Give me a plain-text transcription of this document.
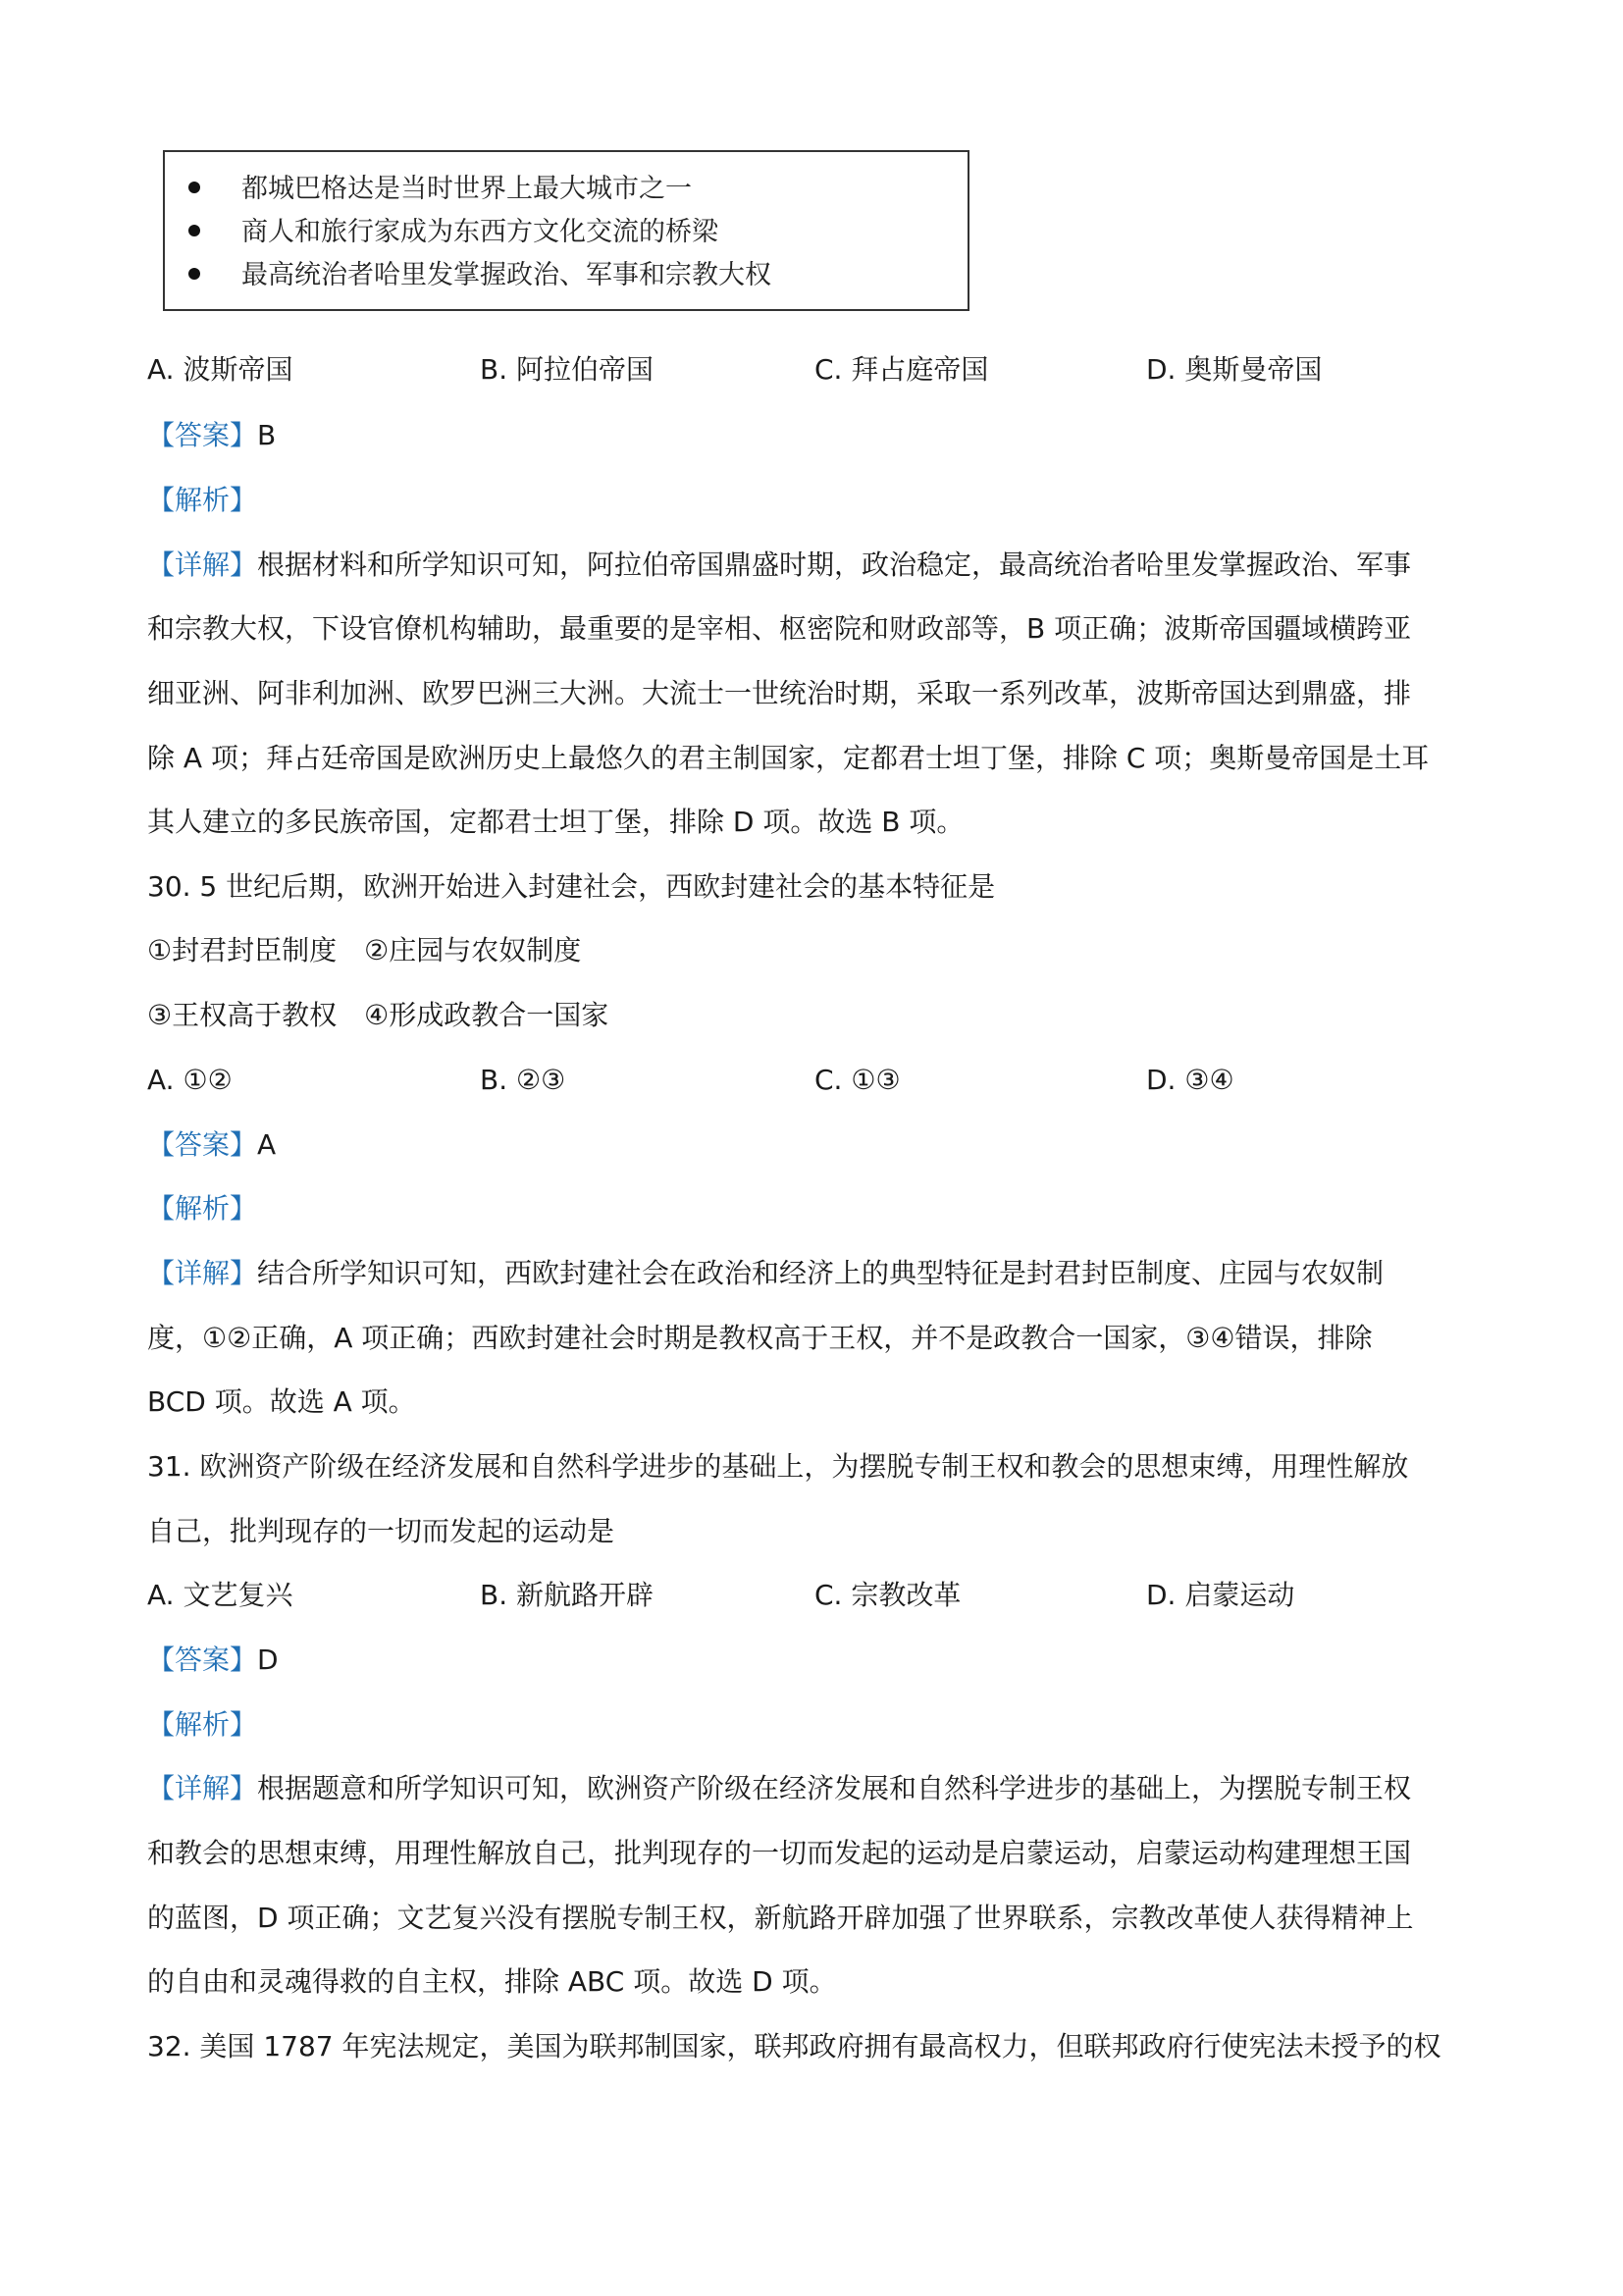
都城巴格达是当时世界上最大城市之一
商人和旅行家成为东西方文化交流的桥梁
最高统治者哈里发掌握政治、军事和宗教大权
A. 波斯帝国	B. 阿拉伯帝国	C. 拜占庭帝国	D. 奥斯曼帝国
【答案】B
【解析】
【详解】根据材料和所学知识可知，阿拉伯帝国鼎盛时期，政治稳定，最高统治者哈里发掌握政治、军事
和宗教大权，下设官僚机构辅助，最重要的是宰相、枢密院和财政部等，B 项正确；波斯帝国疆域横跨亚
细亚洲、阿非利加洲、欧罗巴洲三大洲。大流士一世统治时期，采取一系列改革，波斯帝国达到鼎盛，排
除 A 项；拜占廷帝国是欧洲历史上最悠久的君主制国家，定都君士坦丁堡，排除 C 项；奥斯曼帝国是土耳
其人建立的多民族帝国，定都君士坦丁堡，排除 D 项。故选 B 项。
30. 5 世纪后期，欧洲开始进入封建社会，西欧封建社会的基本特征是
①封君封臣制度　②庄园与农奴制度
③王权高于教权　④形成政教合一国家
A. ①②	B. ②③	C. ①③	D. ③④
【答案】A
【解析】
【详解】结合所学知识可知，西欧封建社会在政治和经济上的典型特征是封君封臣制度、庄园与农奴制
度，①②正确，A 项正确；西欧封建社会时期是教权高于王权，并不是政教合一国家，③④错误，排除
BCD 项。故选 A 项。
31. 欧洲资产阶级在经济发展和自然科学进步的基础上，为摆脱专制王权和教会的思想束缚，用理性解放
自己，批判现存的一切而发起的运动是
A. 文艺复兴	B. 新航路开辟	C. 宗教改革	D. 启蒙运动
【答案】D
【解析】
【详解】根据题意和所学知识可知，欧洲资产阶级在经济发展和自然科学进步的基础上，为摆脱专制王权
和教会的思想束缚，用理性解放自己，批判现存的一切而发起的运动是启蒙运动，启蒙运动构建理想王国
的蓝图，D 项正确；文艺复兴没有摆脱专制王权，新航路开辟加强了世界联系，宗教改革使人获得精神上
的自由和灵魂得救的自主权，排除 ABC 项。故选 D 项。
32. 美国 1787 年宪法规定，美国为联邦制国家，联邦政府拥有最高权力，但联邦政府行使宪法未授予的权
